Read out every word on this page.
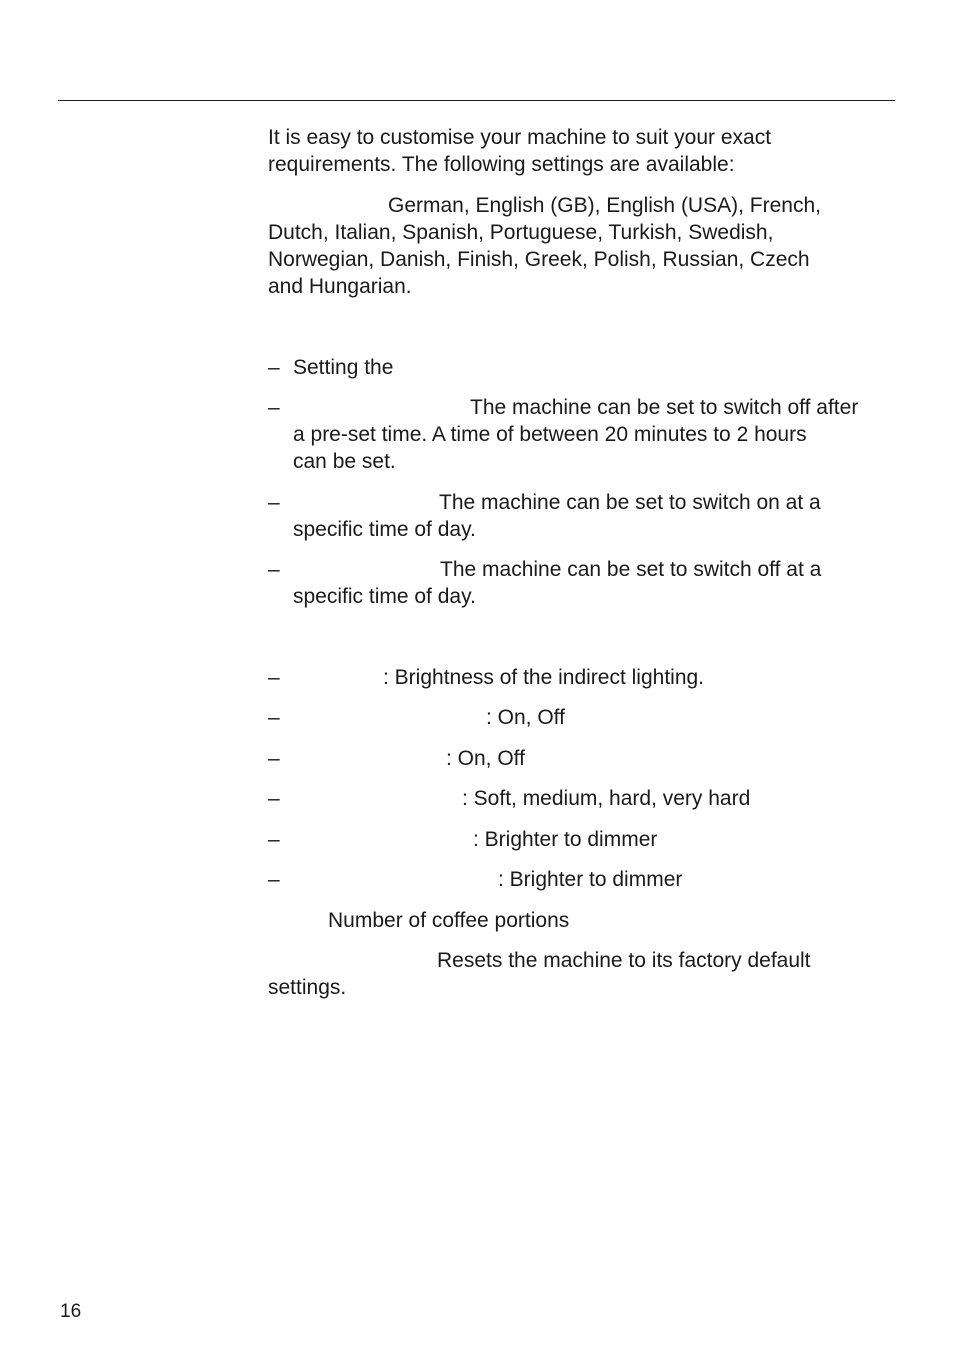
It is easy to customise your machine to suit your exact
requirements. The following settings are available:
German, English (GB), English (USA), French,
Dutch, Italian, Spanish, Portuguese, Turkish, Swedish,
Norwegian, Danish, Finish, Greek, Polish, Russian, Czech
and Hungarian.
– Setting the
–	The machine can be set to switch off after
a pre-set time. A time of between 20 minutes to 2 hours
can be set.
–	The machine can be set to switch on at a
specific time of day.
–	The machine can be set to switch off at a
specific time of day.
–	: Brightness of the indirect lighting.
–	: On, Off
–	: On, Off
–	: Soft, medium, hard, very hard
–	: Brighter to dimmer
–	: Brighter to dimmer
Number of coffee portions
Resets the machine to its factory default
settings.
16
